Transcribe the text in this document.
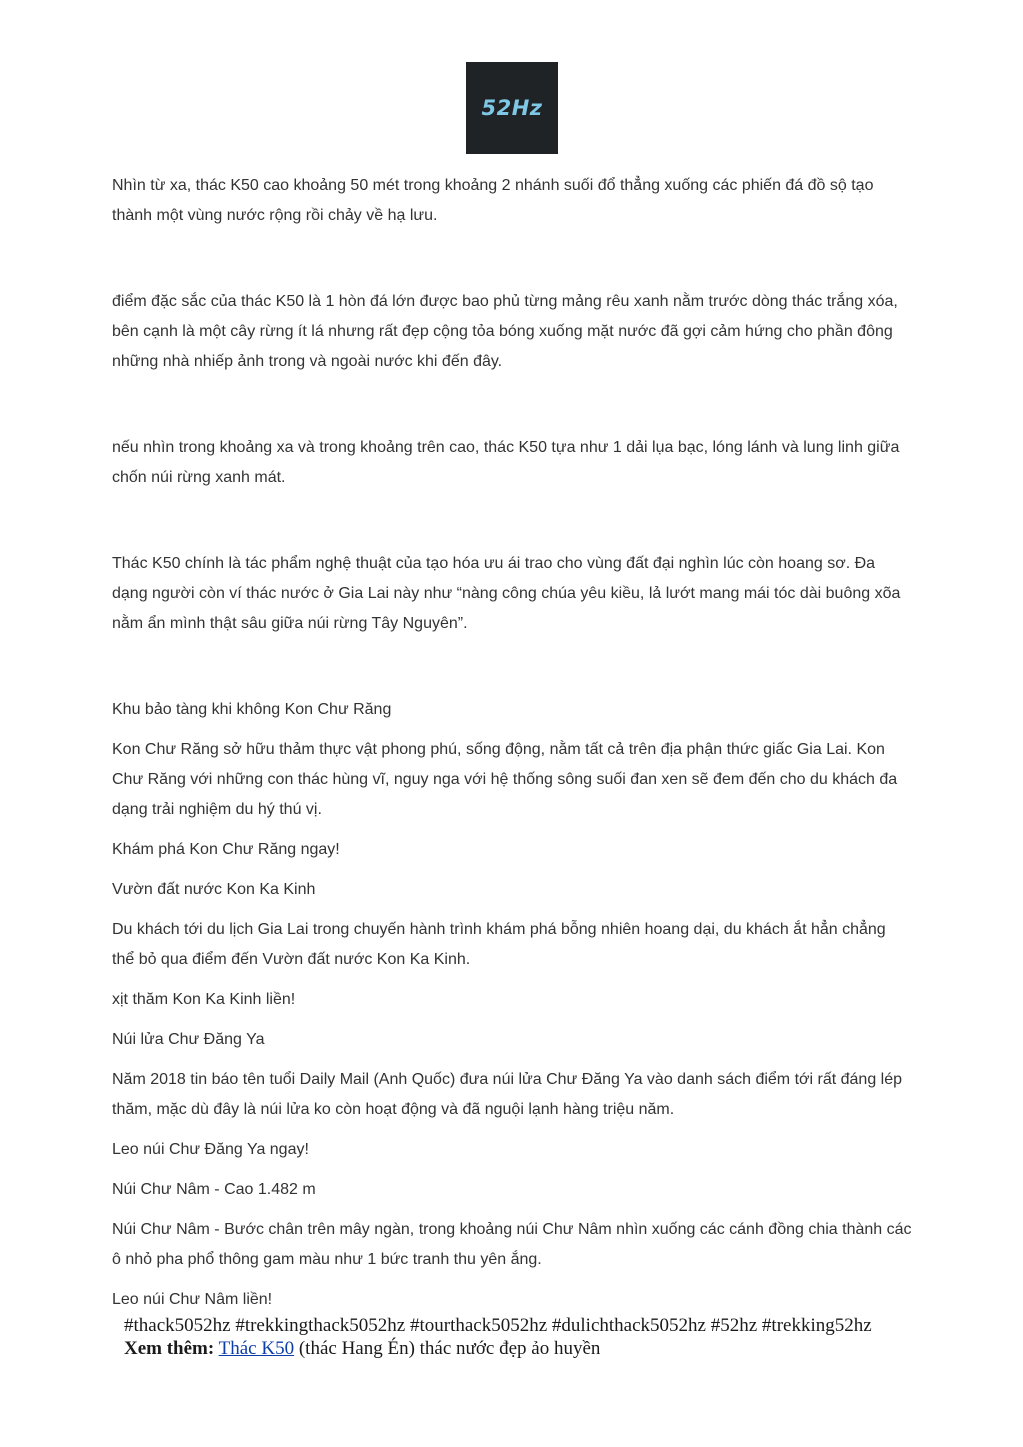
52Hz

Nhìn từ xa, thác K50 cao khoảng 50 mét trong khoảng 2 nhánh suối đổ thẳng xuống các phiến đá đồ sộ tạo thành một vùng nước rộng rồi chảy về hạ lưu.

điểm đặc sắc của thác K50 là 1 hòn đá lớn được bao phủ từng mảng rêu xanh nằm trước dòng thác trắng xóa, bên cạnh là một cây rừng ít lá nhưng rất đẹp cộng tỏa bóng xuống mặt nước đã gợi cảm hứng cho phần đông những nhà nhiếp ảnh trong và ngoài nước khi đến đây.

nếu nhìn trong khoảng xa và trong khoảng trên cao, thác K50 tựa như 1 dải lụa bạc, lóng lánh và lung linh giữa chốn núi rừng xanh mát.

Thác K50 chính là tác phẩm nghệ thuật của tạo hóa ưu ái trao cho vùng đất đại nghìn lúc còn hoang sơ. Đa dạng người còn ví thác nước ở Gia Lai này như “nàng công chúa yêu kiều, lả lướt mang mái tóc dài buông xõa nằm ẩn mình thật sâu giữa núi rừng Tây Nguyên”.

Khu bảo tàng khi không Kon Chư Răng

Kon Chư Răng sở hữu thảm thực vật phong phú, sống động, nằm tất cả trên địa phận thức giấc Gia Lai. Kon Chư Răng với những con thác hùng vĩ, nguy nga với hệ thống sông suối đan xen sẽ đem đến cho du khách đa dạng trải nghiệm du hý thú vị.

Khám phá Kon Chư Răng ngay!

Vườn đất nước Kon Ka Kinh

Du khách tới du lịch Gia Lai trong chuyến hành trình khám phá bỗng nhiên hoang dại, du khách ắt hẳn chẳng thể bỏ qua điểm đến Vườn đất nước Kon Ka Kinh.

xịt thăm Kon Ka Kinh liền!

Núi lửa Chư Đăng Ya

Năm 2018 tin báo tên tuổi Daily Mail (Anh Quốc) đưa núi lửa Chư Đăng Ya vào danh sách điểm tới rất đáng lép thăm, mặc dù đây là núi lửa ko còn hoạt động và đã nguội lạnh hàng triệu năm.

Leo núi Chư Đăng Ya ngay!

Núi Chư Nâm - Cao 1.482 m

Núi Chư Nâm - Bước chân trên mây ngàn, trong khoảng núi Chư Nâm nhìn xuống các cánh đồng chia thành các ô nhỏ pha phổ thông gam màu như 1 bức tranh thu yên ắng.

Leo núi Chư Nâm liền!

#thack5052hz #trekkingthack5052hz #tourthack5052hz #dulichthack5052hz #52hz #trekking52hz

Xem thêm: Thác K50 (thác Hang Én) thác nước đẹp ảo huyền
